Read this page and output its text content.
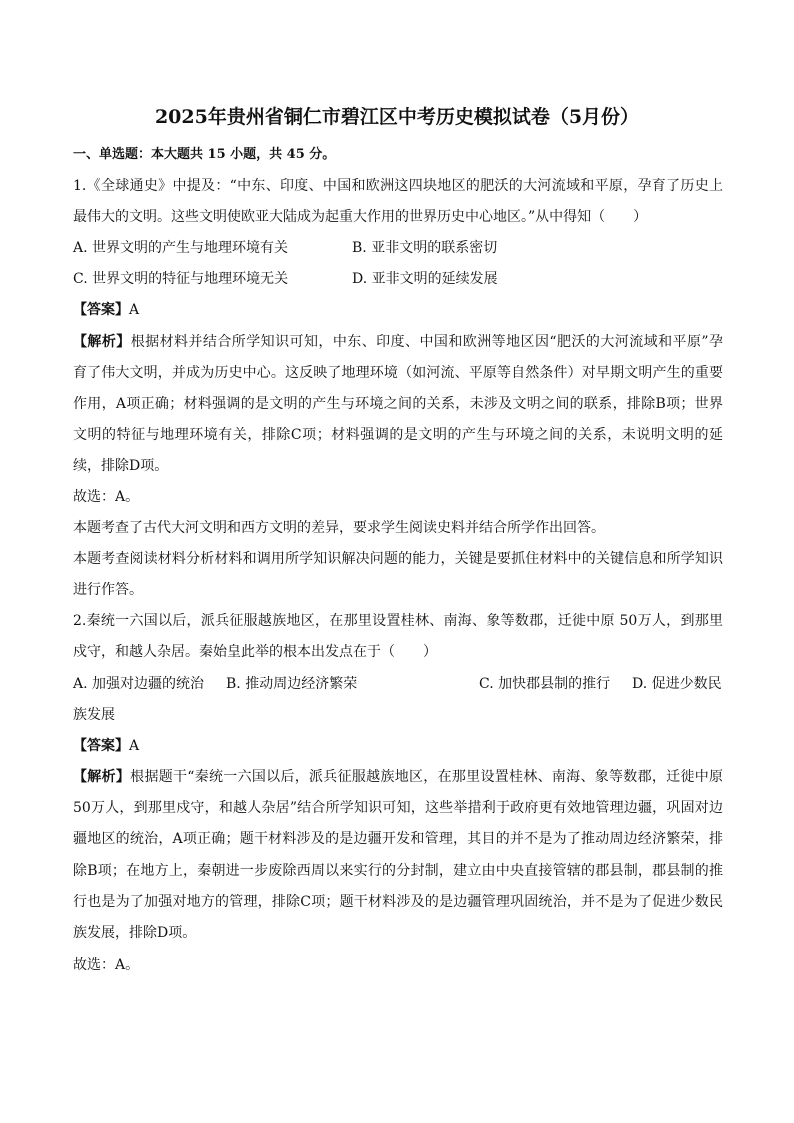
2025年贵州省铜仁市碧江区中考历史模拟试卷（5月份）
一、单选题：本大题共 15 小题，共 45 分。
1.《全球通史》中提及：“中东、印度、中国和欧洲这四块地区的肥沃的大河流域和平原，孕育了历史上
最伟大的文明。这些文明使欧亚大陆成为起重大作用的世界历史中心地区。”从中得知（　　）
A. 世界文明的产生与地理环境有关	B. 亚非文明的联系密切
C. 世界文明的特征与地理环境无关	D. 亚非文明的延续发展
【答案】A
【解析】根据材料并结合所学知识可知，中东、印度、中国和欧洲等地区因“肥沃的大河流域和平原”孕
育了伟大文明，并成为历史中心。这反映了地理环境（如河流、平原等自然条件）对早期文明产生的重要
作用，A项正确；材料强调的是文明的产生与环境之间的关系，未涉及文明之间的联系，排除B项；世界
文明的特征与地理环境有关，排除C项；材料强调的是文明的产生与环境之间的关系，未说明文明的延
续，排除D项。
故选：A。
本题考查了古代大河文明和西方文明的差异，要求学生阅读史料并结合所学作出回答。
本题考查阅读材料分析材料和调用所学知识解决问题的能力，关键是要抓住材料中的关键信息和所学知识
进行作答。
2.秦统一六国以后，派兵征服越族地区，在那里设置桂林、南海、象等数郡，迁徙中原 50万人，到那里
戍守，和越人杂居。秦始皇此举的根本出发点在于（　　）
A. 加强对边疆的统治 B. 推动周边经济繁荣	C. 加快郡县制的推行 D. 促进少数民
族发展
【答案】A
【解析】根据题干“秦统一六国以后，派兵征服越族地区，在那里设置桂林、南海、象等数郡，迁徙中原
50万人，到那里戍守，和越人杂居”结合所学知识可知，这些举措利于政府更有效地管理边疆，巩固对边
疆地区的统治，A项正确；题干材料涉及的是边疆开发和管理，其目的并不是为了推动周边经济繁荣，排
除B项；在地方上，秦朝进一步废除西周以来实行的分封制，建立由中央直接管辖的郡县制，郡县制的推
行也是为了加强对地方的管理，排除C项；题干材料涉及的是边疆管理巩固统治，并不是为了促进少数民
族发展，排除D项。
故选：A。
